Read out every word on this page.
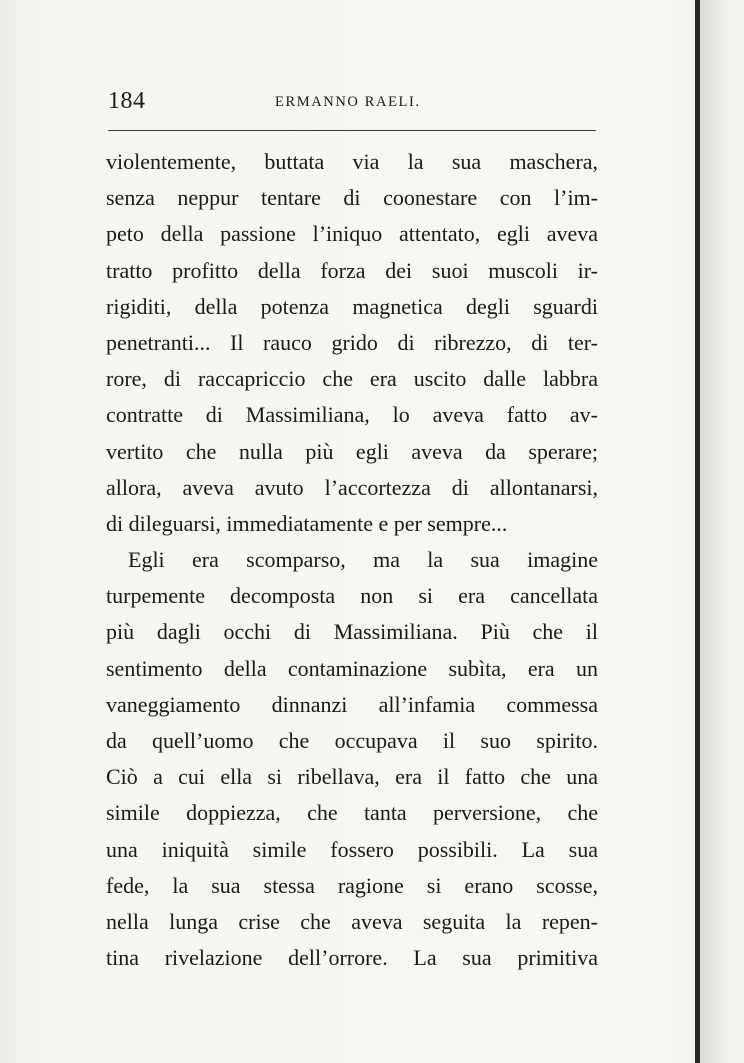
184	ERMANNO RAELI.
violentemente, buttata via la sua maschera,
senza neppur tentare di coonestare con l’im-
peto della passione l’iniquo attentato, egli aveva
tratto profitto della forza dei suoi muscoli ir-
rigiditi, della potenza magnetica degli sguardi
penetranti... Il rauco grido di ribrezzo, di ter-
rore, di raccapriccio che era uscito dalle labbra
contratte di Massimiliana, lo aveva fatto av-
vertito che nulla più egli aveva da sperare;
allora, aveva avuto l’accortezza di allontanarsi,
di dileguarsi, immediatamente e per sempre...
Egli era scomparso, ma la sua imagine
turpemente decomposta non si era cancellata
più dagli occhi di Massimiliana. Più che il
sentimento della contaminazione subìta, era un
vaneggiamento dinnanzi all’infamia commessa
da quell’uomo che occupava il suo spirito.
Ciò a cui ella si ribellava, era il fatto che una
simile doppiezza, che tanta perversione, che
una iniquità simile fossero possibili. La sua
fede, la sua stessa ragione si erano scosse,
nella lunga crise che aveva seguita la repen-
tina rivelazione dell’orrore. La sua primitiva
